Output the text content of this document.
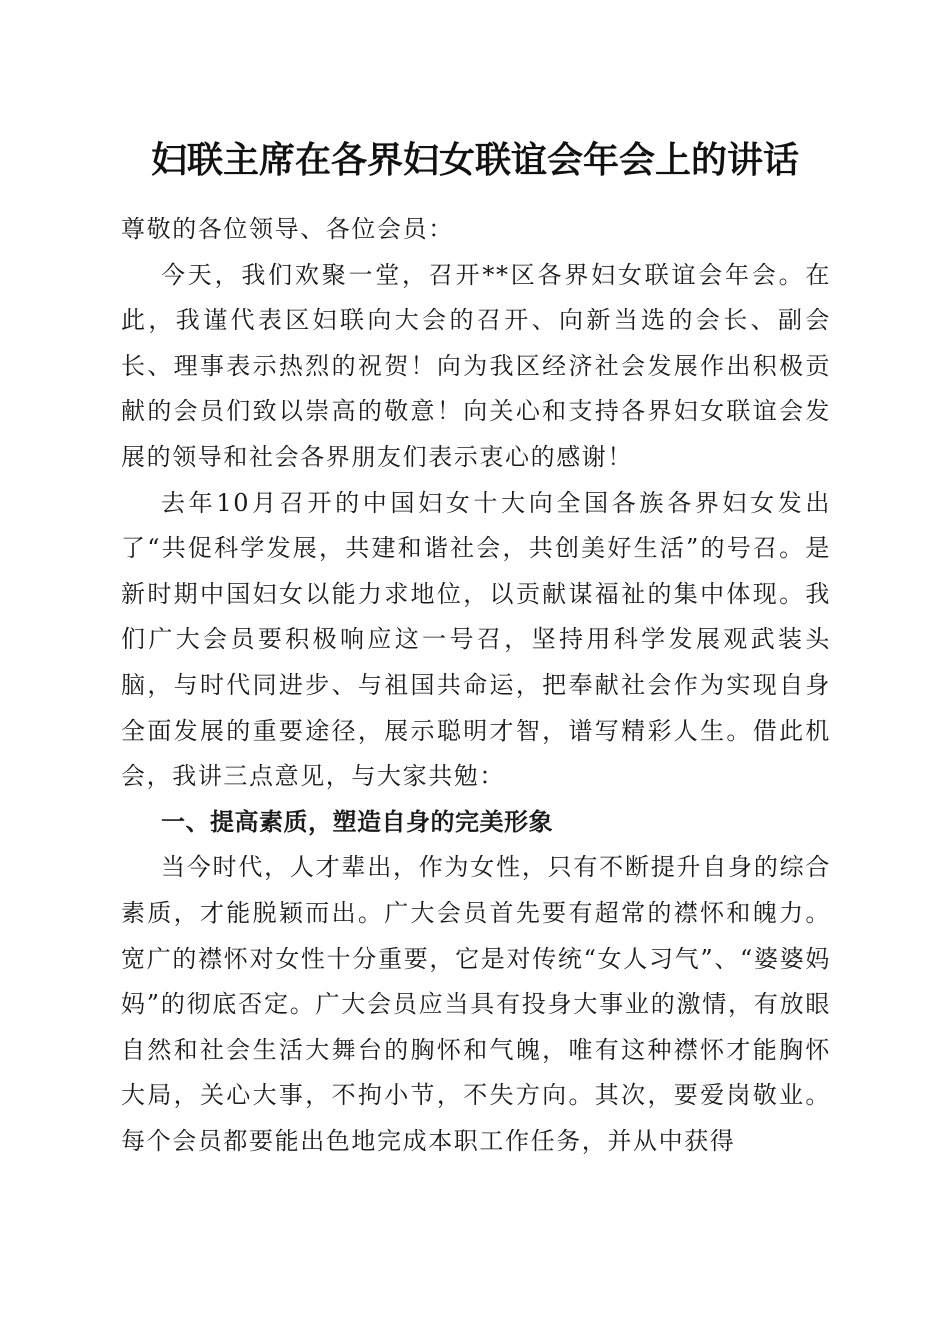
妇联主席在各界妇女联谊会年会上的讲话

尊敬的各位领导、各位会员：

今天，我们欢聚一堂，召开**区各界妇女联谊会年会。在此，我谨代表区妇联向大会的召开、向新当选的会长、副会长、理事表示热烈的祝贺！向为我区经济社会发展作出积极贡献的会员们致以崇高的敬意！向关心和支持各界妇女联谊会发展的领导和社会各界朋友们表示衷心的感谢！

去年10月召开的中国妇女十大向全国各族各界妇女发出了“共促科学发展，共建和谐社会，共创美好生活”的号召。是新时期中国妇女以能力求地位，以贡献谋福祉的集中体现。我们广大会员要积极响应这一号召，坚持用科学发展观武装头脑，与时代同进步、与祖国共命运，把奉献社会作为实现自身全面发展的重要途径，展示聪明才智，谱写精彩人生。借此机会，我讲三点意见，与大家共勉：

一、提高素质，塑造自身的完美形象

当今时代，人才辈出，作为女性，只有不断提升自身的综合素质，才能脱颖而出。广大会员首先要有超常的襟怀和魄力。宽广的襟怀对女性十分重要，它是对传统“女人习气”、“婆婆妈妈”的彻底否定。广大会员应当具有投身大事业的激情，有放眼自然和社会生活大舞台的胸怀和气魄，唯有这种襟怀才能胸怀大局，关心大事，不拘小节，不失方向。其次，要爱岗敬业。每个会员都要能出色地完成本职工作任务，并从中获得
